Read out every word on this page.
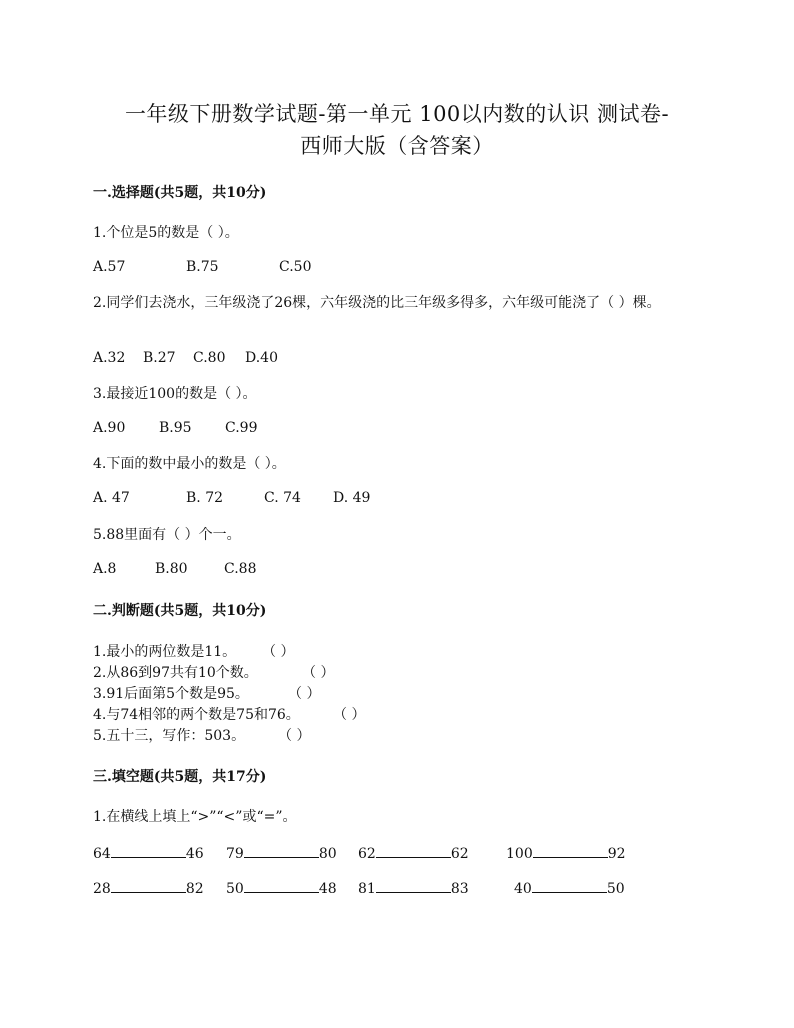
一年级下册数学试题-第一单元 100以内数的认识 测试卷-
西师大版（含答案）
一.选择题(共5题，共10分)
1.个位是5的数是（ ）。
A.57	B.75	C.50
2.同学们去浇水，三年级浇了26棵，六年级浇的比三年级多得多，六年级可能浇了（ ）棵。
A.32 B.27 C.80 D.40
3.最接近100的数是（ ）。
A.90 B.95 C.99
4.下面的数中最小的数是（ ）。
A. 47	B. 72	C. 74 D. 49
5.88里面有（ ）个一。
A.8	B.80	C.88
二.判断题(共5题，共10分)
1.最小的两位数是11。 （ ）
2.从86到97共有10个数。	（ ）
3.91后面第5个数是95。	（ ）
4.与74相邻的两个数是75和76。 （ ）
5.五十三，写作：503。 （ ）
三.填空题(共5题，共17分)
1.在横线上填上“>”“<”或“=”。
64	46 79	80 62	62	100	92
28	82 50	48 81	83	40	50
